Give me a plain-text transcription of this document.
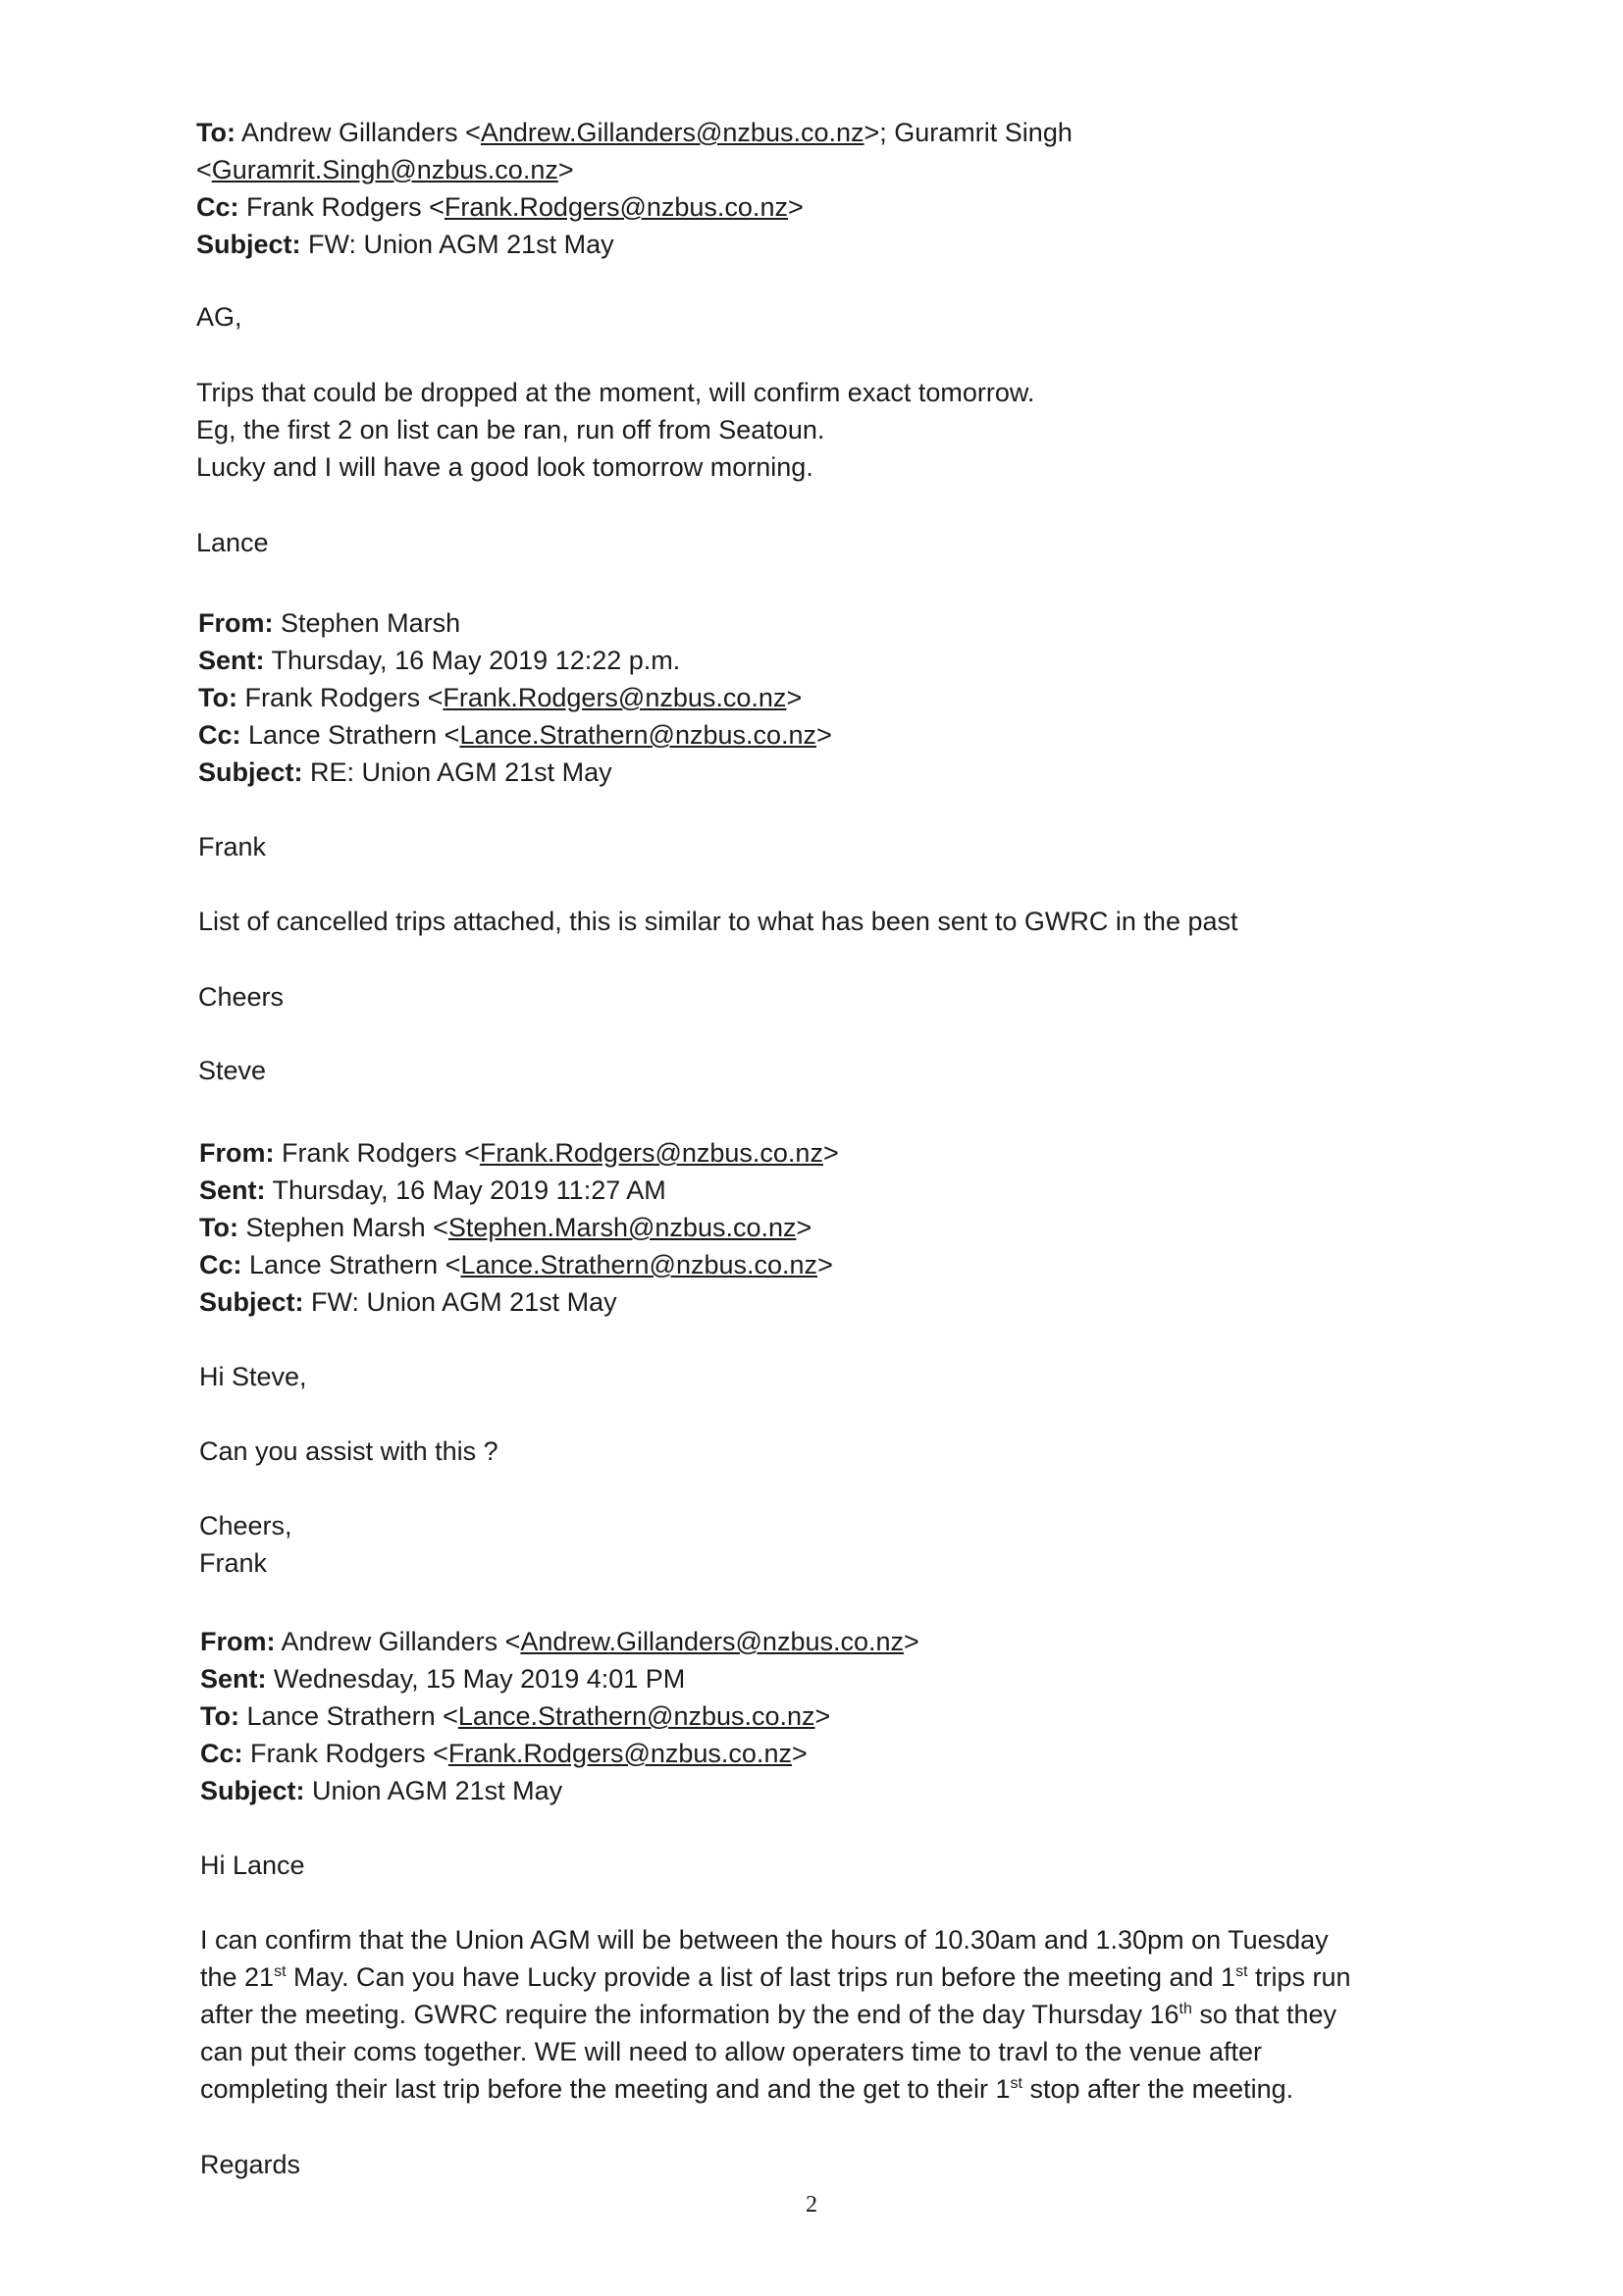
To: Andrew Gillanders <Andrew.Gillanders@nzbus.co.nz>; Guramrit Singh
<Guramrit.Singh@nzbus.co.nz>
Cc: Frank Rodgers <Frank.Rodgers@nzbus.co.nz>
Subject: FW: Union AGM 21st May
AG,
Trips that could be dropped at the moment, will confirm exact tomorrow.
Eg, the first 2 on list can be ran, run off from Seatoun.
Lucky and I will have a good look tomorrow morning.
Lance
From: Stephen Marsh
Sent: Thursday, 16 May 2019 12:22 p.m.
To: Frank Rodgers <Frank.Rodgers@nzbus.co.nz>
Cc: Lance Strathern <Lance.Strathern@nzbus.co.nz>
Subject: RE: Union AGM 21st May
Frank
List of cancelled trips attached, this is similar to what has been sent to GWRC in the past
Cheers
Steve
From: Frank Rodgers <Frank.Rodgers@nzbus.co.nz>
Sent: Thursday, 16 May 2019 11:27 AM
To: Stephen Marsh <Stephen.Marsh@nzbus.co.nz>
Cc: Lance Strathern <Lance.Strathern@nzbus.co.nz>
Subject: FW: Union AGM 21st May
Hi Steve,
Can you assist with this ?
Cheers,
Frank
From: Andrew Gillanders <Andrew.Gillanders@nzbus.co.nz>
Sent: Wednesday, 15 May 2019 4:01 PM
To: Lance Strathern <Lance.Strathern@nzbus.co.nz>
Cc: Frank Rodgers <Frank.Rodgers@nzbus.co.nz>
Subject: Union AGM 21st May
Hi Lance
I can confirm that the Union AGM will be between the hours of 10.30am and 1.30pm on Tuesday
the 21st May. Can you have Lucky provide a list of last trips run before the meeting and 1st trips run
after the meeting. GWRC require the information by the end of the day Thursday 16th so that they
can put their coms together. WE will need to allow operaters time to travl to the venue after
completing their last trip before the meeting and and the get to their 1st stop after the meeting.
Regards
2
